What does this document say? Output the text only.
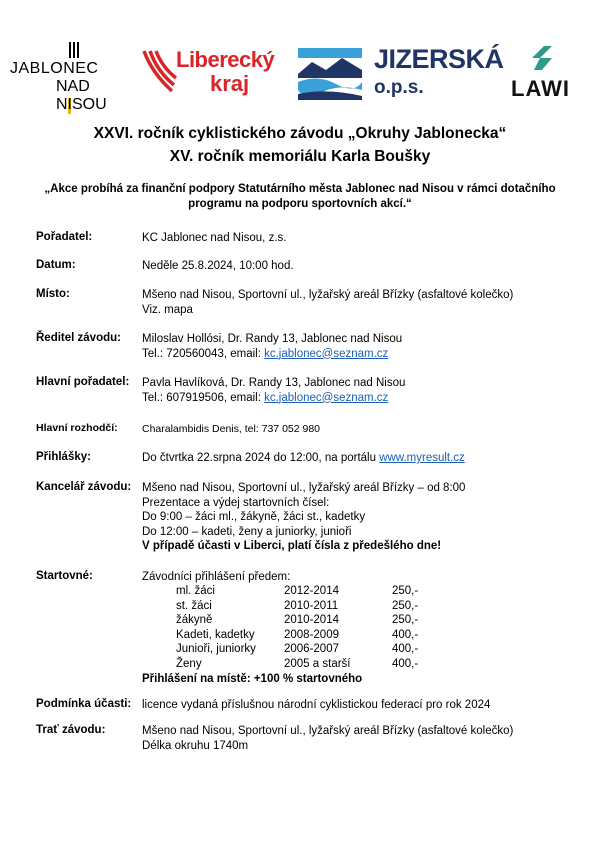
JABLONEC
NAD
NISOU
Liberecký
kraj
JIZERSKÁ
o.p.s.	LAWI
XXVI. ročník cyklistického závodu „Okruhy Jablonecka“
XV. ročník memoriálu Karla Boušky
„Akce probíhá za finanční podpory Statutárního města Jablonec nad Nisou v rámci dotačního
programu na podporu sportovních akcí.“
Pořadatel:	KC Jablonec nad Nisou, z.s.
Datum:	Neděle 25.8.2024, 10:00 hod.
Místo:	Mšeno nad Nisou, Sportovní ul., lyžařský areál Břízky (asfaltové kolečko)
Viz. mapa
Ředitel závodu: Miloslav Hollósi, Dr. Randy 13, Jablonec nad Nisou
Tel.: 720560043, email: kc.jablonec@seznam.cz
Hlavní pořadatel: Pavla Havlíková, Dr. Randy 13, Jablonec nad Nisou
Tel.: 607919506, email: kc.jablonec@seznam.cz
Hlavní rozhodčí: Charalambidis Denis, tel: 737 052 980
Přihlášky:	Do čtvrtka 22.srpna 2024 do 12:00, na portálu www.myresult.cz
Kancelář závodu: Mšeno nad Nisou, Sportovní ul., lyžařský areál Břízky – od 8:00
Prezentace a výdej startovních čísel:
Do 9:00 – žáci ml., žákyně, žáci st., kadetky
Do 12:00 – kadeti, ženy a juniorky, junioři
V případě účasti v Liberci, platí čísla z předešlého dne!
Startovné:	Závodníci přihlášení předem:
ml. žáci	2012-2014	250,-
st. žáci	2010-2011	250,-
žákyně	2010-2014	250,-
Kadeti, kadetky	2008-2009	400,-
Junioři, juniorky	2006-2007	400,-
Ženy	2005 a starší	400,-
Přihlášení na místě: +100 % startovného
Podmínka účasti: licence vydaná příslušnou národní cyklistickou federací pro rok 2024
Trať závodu:	Mšeno nad Nisou, Sportovní ul., lyžařský areál Břízky (asfaltové kolečko)
Délka okruhu 1740m
